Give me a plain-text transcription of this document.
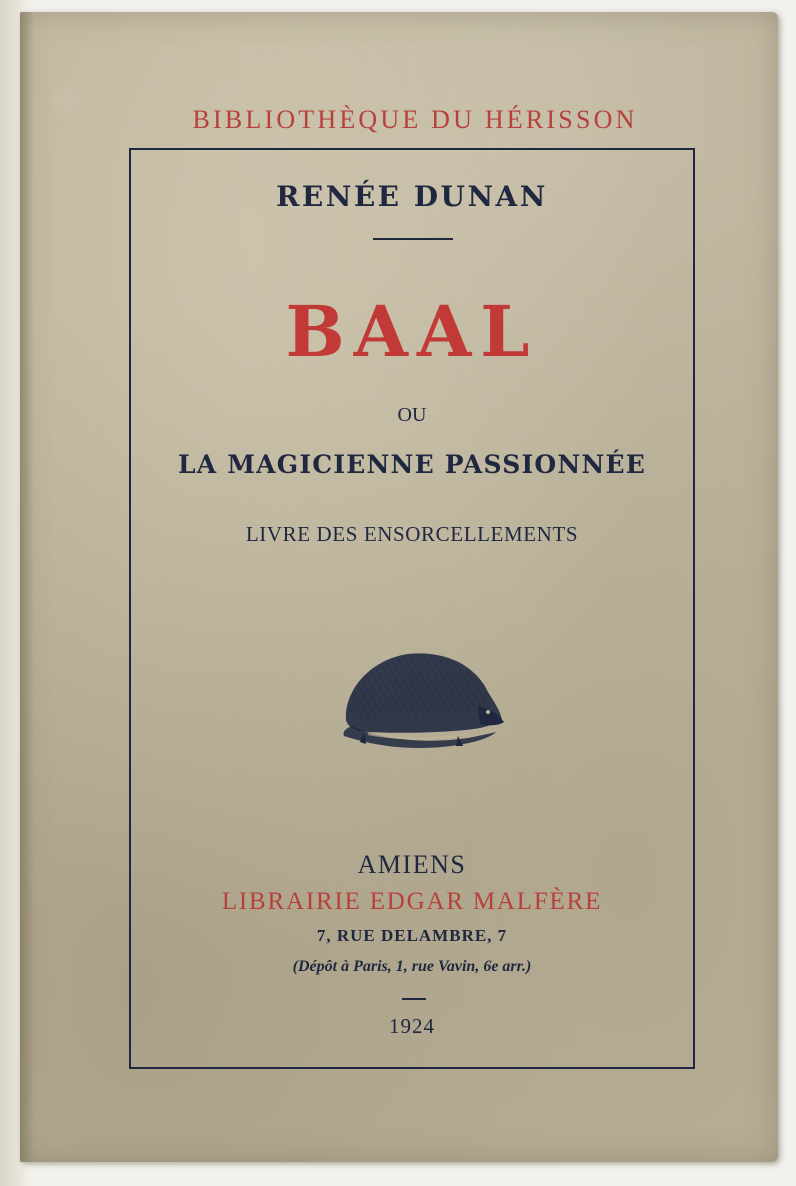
BIBLIOTHÈQUE DU HÉRISSON
RENÉE DUNAN
BAAL
OU
LA MAGICIENNE PASSIONNÉE
LIVRE DES ENSORCELLEMENTS
AMIENS
LIBRAIRIE EDGAR MALFÈRE
7, RUE DELAMBRE, 7
(Dépôt à Paris, 1, rue Vavin, 6e arr.)
1924
